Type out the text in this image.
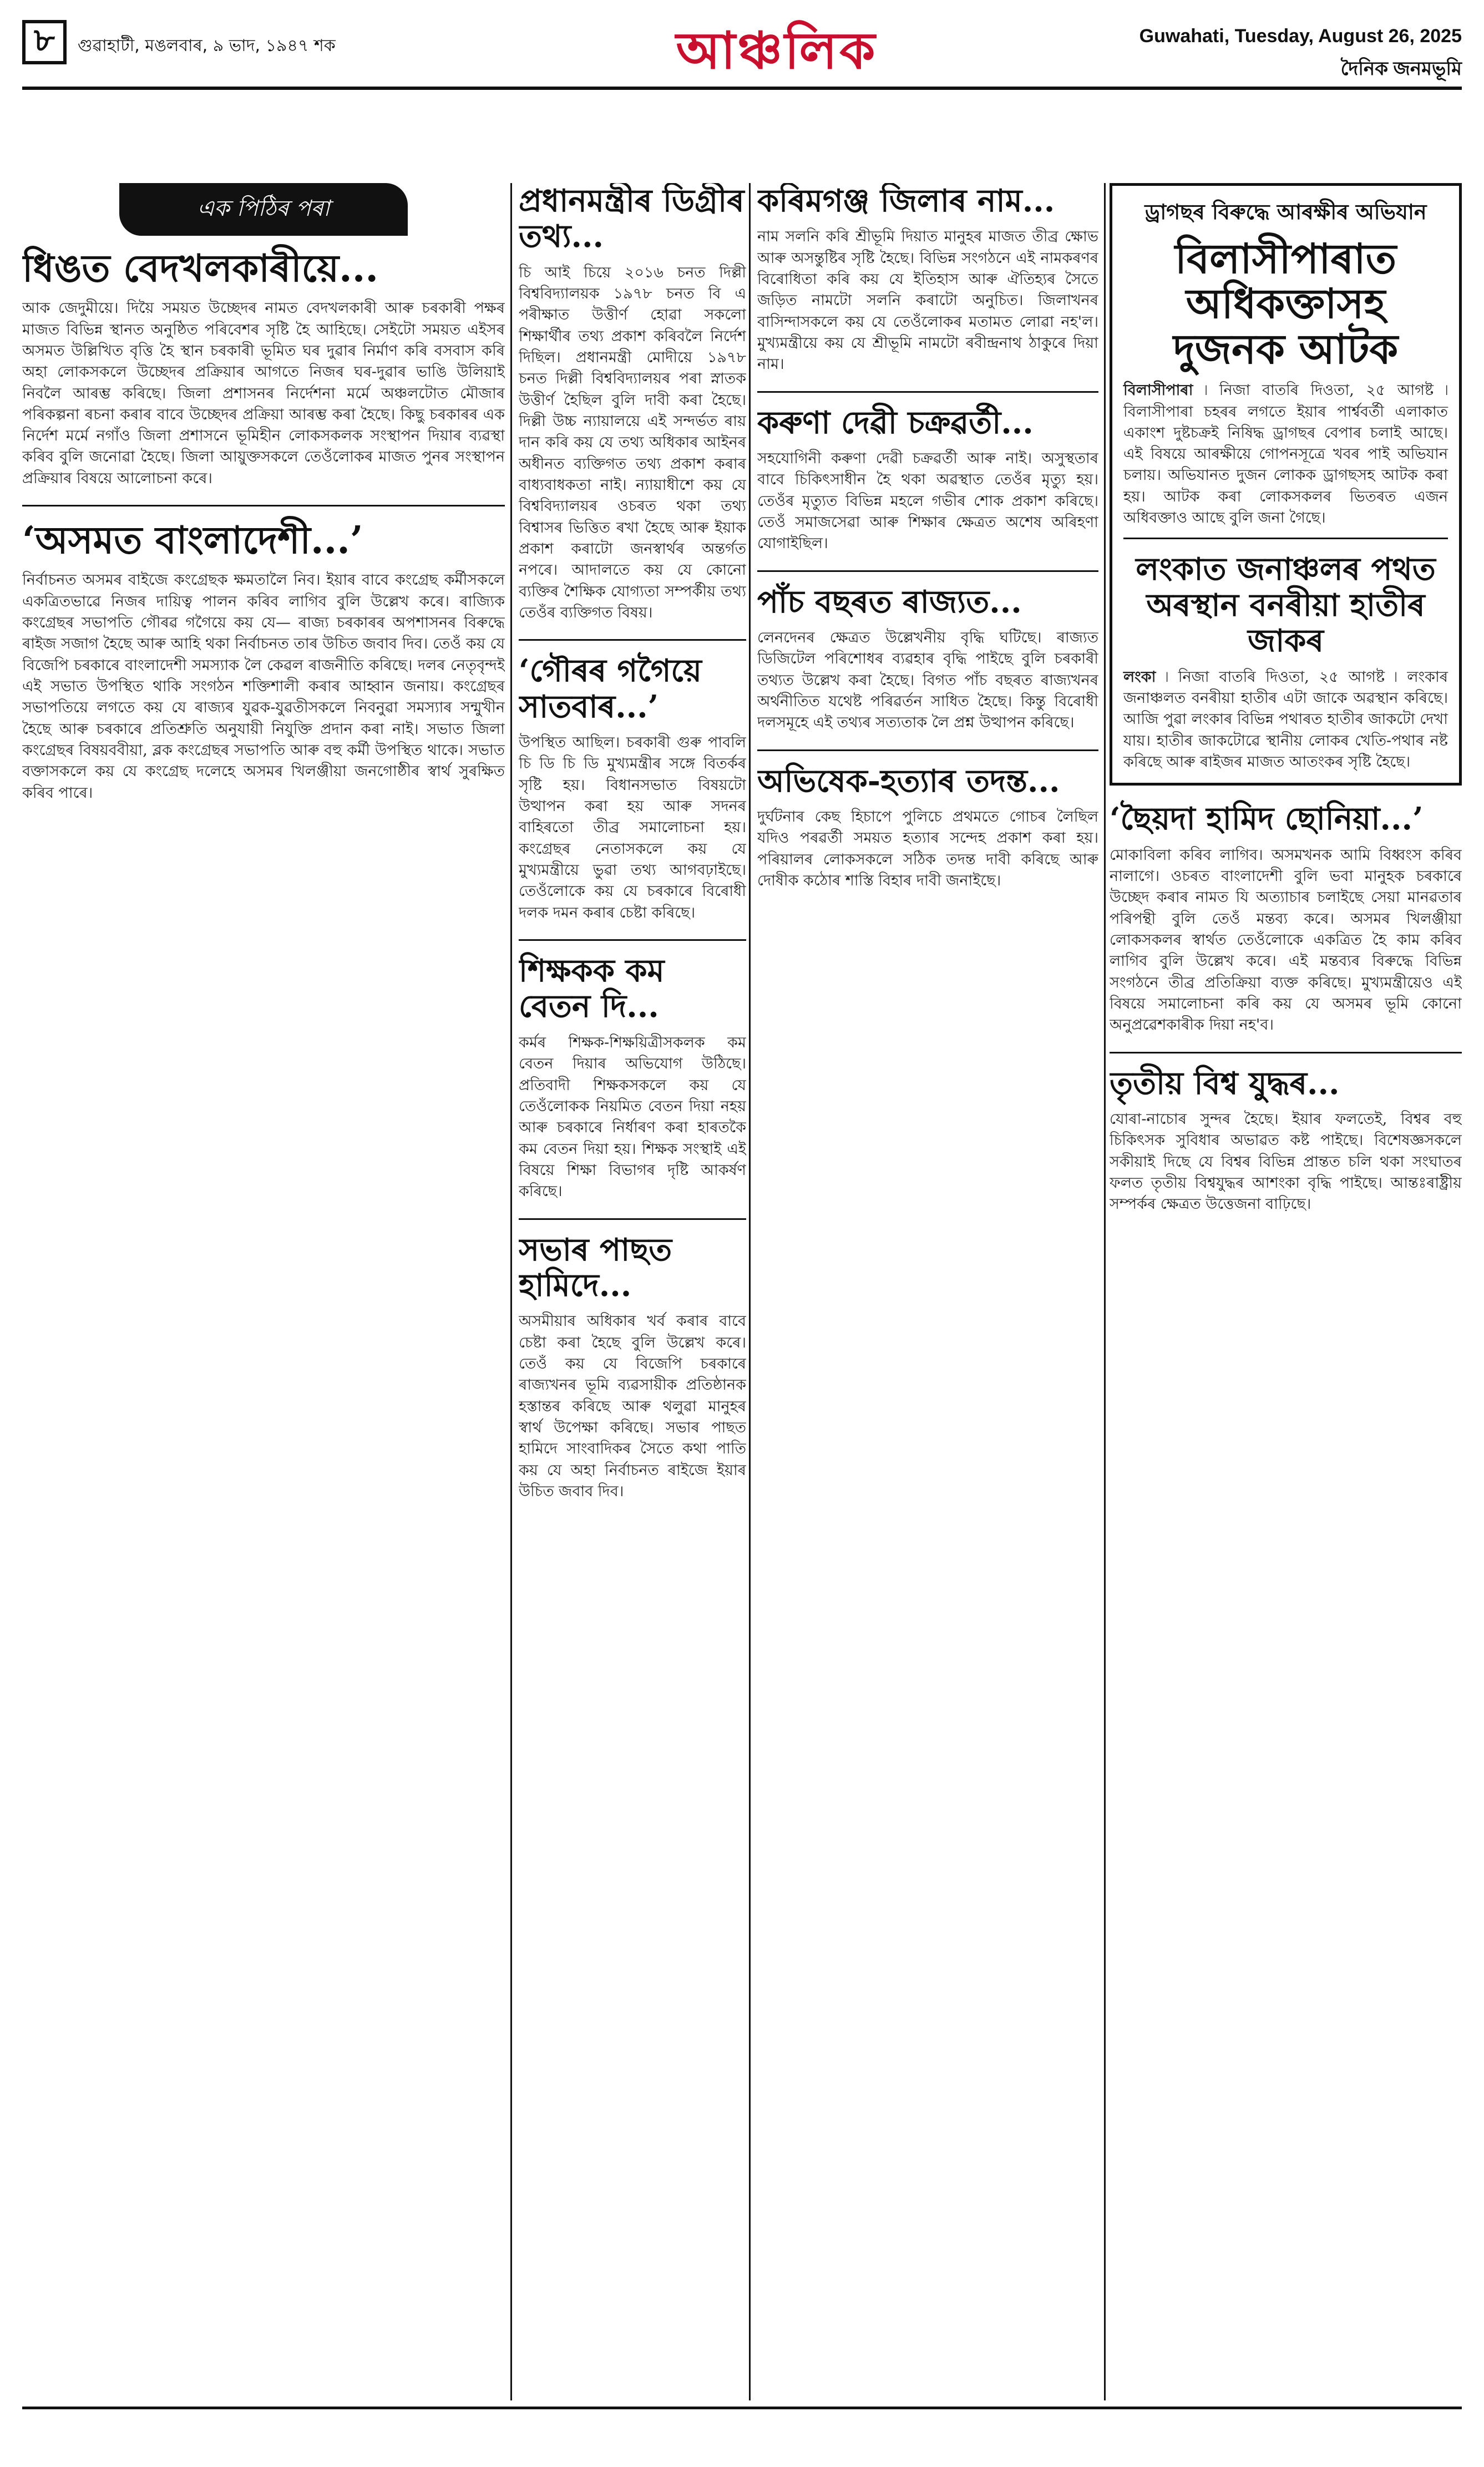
৮	গুৱাহাটী, মঙলবাৰ, ৯ ভাদ, ১৯৪৭ শক	আঞ্চলিক	Guwahati, Tuesday, August 26, 2025
দৈনিক জনমভূমি
এক পিঠিৰ পৰা
ধিঙত বেদখলকাৰীয়ে...
আক জেদুমীয়ে। দিয়ৈ সময়ত উচ্ছেদৰ নামত বেদখলকাৰী আৰু চৰকাৰী পক্ষৰ মাজত বিভিন্ন স্থানত অনুষ্ঠিত পৰিবেশৰ সৃষ্টি হৈ আহিছে। সেইটো সময়ত এইসৰ অসমত উল্লিখিত বৃত্তি হৈ স্থান চৰকাৰী ভূমিত ঘৰ দুৱাৰ নিৰ্মাণ কৰি বসবাস কৰি অহা লোকসকলে উচ্ছেদৰ প্ৰক্ৰিয়াৰ আগতে নিজৰ ঘৰ-দুৱাৰ ভাঙি উলিয়াই নিবলৈ আৰম্ভ কৰিছে। জিলা প্ৰশাসনৰ নিৰ্দেশনা মৰ্মে অঞ্চলটোত মৌজাৰ পৰিকল্পনা ৰচনা কৰাৰ বাবে উচ্ছেদৰ প্ৰক্ৰিয়া আৰম্ভ কৰা হৈছে। কিছু চৰকাৰৰ এক নিৰ্দেশ মৰ্মে নগাঁও জিলা প্ৰশাসনে ভূমিহীন লোকসকলক সংস্থাপন দিয়াৰ ব্যৱস্থা কৰিব বুলি জনোৱা হৈছে। জিলা আয়ুক্তসকলে তেওঁলোকৰ মাজত পুনৰ সংস্থাপন প্ৰক্ৰিয়াৰ বিষয়ে আলোচনা কৰে।
‘অসমত বাংলাদেশী...’
নিৰ্বাচনত অসমৰ বাইজে কংগ্ৰেছক ক্ষমতালৈ নিব। ইয়াৰ বাবে কংগ্ৰেছ কৰ্মীসকলে একত্ৰিতভাৱে নিজৰ দায়িত্ব পালন কৰিব লাগিব বুলি উল্লেখ কৰে। ৰাজ্যিক কংগ্ৰেছৰ সভাপতি গৌৰৱ গগৈয়ে কয় যে— ৰাজ্য চৰকাৰৰ অপশাসনৰ বিৰুদ্ধে ৰাইজ সজাগ হৈছে আৰু আহি থকা নিৰ্বাচনত তাৰ উচিত জবাব দিব। তেওঁ কয় যে বিজেপি চৰকাৰে বাংলাদেশী সমস্যাক লৈ কেৱল ৰাজনীতি কৰিছে। দলৰ নেতৃবৃন্দই এই সভাত উপস্থিত থাকি সংগঠন শক্তিশালী কৰাৰ আহ্বান জনায়। কংগ্ৰেছৰ সভাপতিয়ে লগতে কয় যে ৰাজ্যৰ যুৱক-যুৱতীসকলে নিবনুৱা সমস্যাৰ সন্মুখীন হৈছে আৰু চৰকাৰে প্ৰতিশ্ৰুতি অনুযায়ী নিযুক্তি প্ৰদান কৰা নাই। সভাত জিলা কংগ্ৰেছৰ বিষয়ববীয়া, ব্লক কংগ্ৰেছৰ সভাপতি আৰু বহু কৰ্মী উপস্থিত থাকে। সভাত বক্তাসকলে কয় যে কংগ্ৰেছ দলেহে অসমৰ খিলঞ্জীয়া জনগোষ্ঠীৰ স্বাৰ্থ সুৰক্ষিত কৰিব পাৰে।
প্ৰধানমন্ত্ৰীৰ ডিগ্ৰীৰ তথ্য...
চি আই চিয়ে ২০১৬ চনত দিল্লী বিশ্ববিদ্যালয়ক ১৯৭৮ চনত বি এ পৰীক্ষাত উত্তীৰ্ণ হোৱা সকলো শিক্ষাৰ্থীৰ তথ্য প্ৰকাশ কৰিবলৈ নিৰ্দেশ দিছিল। প্ৰধানমন্ত্ৰী মোদীয়ে ১৯৭৮ চনত দিল্লী বিশ্ববিদ্যালয়ৰ পৰা স্নাতক উত্তীৰ্ণ হৈছিল বুলি দাবী কৰা হৈছে। দিল্লী উচ্চ ন্যায়ালয়ে এই সন্দৰ্ভত ৰায় দান কৰি কয় যে তথ্য অধিকাৰ আইনৰ অধীনত ব্যক্তিগত তথ্য প্ৰকাশ কৰাৰ বাধ্যবাধকতা নাই। ন্যায়াধীশে কয় যে বিশ্ববিদ্যালয়ৰ ওচৰত থকা তথ্য বিশ্বাসৰ ভিত্তিত ৰখা হৈছে আৰু ইয়াক প্ৰকাশ কৰাটো জনস্বাৰ্থৰ অন্তৰ্গত নপৰে। আদালতে কয় যে কোনো ব্যক্তিৰ শৈক্ষিক যোগ্যতা সম্পৰ্কীয় তথ্য তেওঁৰ ব্যক্তিগত বিষয়।
‘গৌৰৰ গগৈয়ে সাতবাৰ...’
উপস্থিত আছিল। চৰকাৰী গুৰু পাবলি চি ডি চি ডি মুখ্যমন্ত্ৰীৰ সঙ্গে বিতৰ্কৰ সৃষ্টি হয়। বিধানসভাত বিষয়টো উত্থাপন কৰা হয় আৰু সদনৰ বাহিৰতো তীব্ৰ সমালোচনা হয়। কংগ্ৰেছৰ নেতাসকলে কয় যে মুখ্যমন্ত্ৰীয়ে ভুৱা তথ্য আগবঢ়াইছে। তেওঁলোকে কয় যে চৰকাৰে বিৰোধী দলক দমন কৰাৰ চেষ্টা কৰিছে।
শিক্ষকক কম বেতন দি...
কৰ্মৰ শিক্ষক-শিক্ষয়িত্ৰীসকলক কম বেতন দিয়াৰ অভিযোগ উঠিছে। প্ৰতিবাদী শিক্ষকসকলে কয় যে তেওঁলোকক নিয়মিত বেতন দিয়া নহয় আৰু চৰকাৰে নিৰ্ধাৰণ কৰা হাৰতকৈ কম বেতন দিয়া হয়। শিক্ষক সংস্থাই এই বিষয়ে শিক্ষা বিভাগৰ দৃষ্টি আকৰ্ষণ কৰিছে।
সভাৰ পাছত হামিদে...
অসমীয়াৰ অধিকাৰ খৰ্ব কৰাৰ বাবে চেষ্টা কৰা হৈছে বুলি উল্লেখ কৰে। তেওঁ কয় যে বিজেপি চৰকাৰে ৰাজ্যখনৰ ভূমি ব্যৱসায়ীক প্ৰতিষ্ঠানক হস্তান্তৰ কৰিছে আৰু থলুৱা মানুহৰ স্বাৰ্থ উপেক্ষা কৰিছে। সভাৰ পাছত হামিদে সাংবাদিকৰ সৈতে কথা পাতি কয় যে অহা নিৰ্বাচনত ৰাইজে ইয়াৰ উচিত জবাব দিব।
কৰিমগঞ্জ জিলাৰ নাম...
নাম সলনি কৰি শ্ৰীভূমি দিয়াত মানুহৰ মাজত তীব্ৰ ক্ষোভ আৰু অসন্তুষ্টিৰ সৃষ্টি হৈছে। বিভিন্ন সংগঠনে এই নামকৰণৰ বিৰোধিতা কৰি কয় যে ইতিহাস আৰু ঐতিহ্যৰ সৈতে জড়িত নামটো সলনি কৰাটো অনুচিত। জিলাখনৰ বাসিন্দাসকলে কয় যে তেওঁলোকৰ মতামত লোৱা নহ'ল। মুখ্যমন্ত্ৰীয়ে কয় যে শ্ৰীভূমি নামটো ৰবীন্দ্ৰনাথ ঠাকুৰে দিয়া নাম।
কৰুণা দেৱী চক্ৰৱৰ্তী...
সহযোগিনী কৰুণা দেৱী চক্ৰৱৰ্তী আৰু নাই। অসুস্থতাৰ বাবে চিকিৎসাধীন হৈ থকা অৱস্থাত তেওঁৰ মৃত্যু হয়। তেওঁৰ মৃত্যুত বিভিন্ন মহলে গভীৰ শোক প্ৰকাশ কৰিছে। তেওঁ সমাজসেৱা আৰু শিক্ষাৰ ক্ষেত্ৰত অশেষ অৰিহণা যোগাইছিল।
পাঁচ বছৰত ৰাজ্যত...
লেনদেনৰ ক্ষেত্ৰত উল্লেখনীয় বৃদ্ধি ঘটিছে। ৰাজ্যত ডিজিটেল পৰিশোধৰ ব্যৱহাৰ বৃদ্ধি পাইছে বুলি চৰকাৰী তথ্যত উল্লেখ কৰা হৈছে। বিগত পাঁচ বছৰত ৰাজ্যখনৰ অৰ্থনীতিত যথেষ্ট পৰিৱৰ্তন সাধিত হৈছে। কিন্তু বিৰোধী দলসমূহে এই তথ্যৰ সত্যতাক লৈ প্ৰশ্ন উত্থাপন কৰিছে।
অভিষেক-হত্যাৰ তদন্ত...
দুৰ্ঘটনাৰ কেছ হিচাপে পুলিচে প্ৰথমতে গোচৰ লৈছিল যদিও পৰৱৰ্তী সময়ত হত্যাৰ সন্দেহ প্ৰকাশ কৰা হয়। পৰিয়ালৰ লোকসকলে সঠিক তদন্ত দাবী কৰিছে আৰু দোষীক কঠোৰ শাস্তি বিহাৰ দাবী জনাইছে।
ড্ৰাগছৰ বিৰুদ্ধে আৰক্ষীৰ অভিযান
বিলাসীপাৰাত অধিকক্তাসহ দুজনক আটক
বিলাসীপাৰা ৷ নিজা বাতৰি দিওতা, ২৫ আগষ্ট ৷ বিলাসীপাৰা চহৰৰ লগতে ইয়াৰ পাৰ্শ্ববৰ্তী এলাকাত একাংশ দুষ্টচক্ৰই নিষিদ্ধ ড্ৰাগছৰ বেপাৰ চলাই আছে। এই বিষয়ে আৰক্ষীয়ে গোপনসূত্ৰে খবৰ পাই অভিযান চলায়। অভিযানত দুজন লোকক ড্ৰাগছসহ আটক কৰা হয়। আটক কৰা লোকসকলৰ ভিতৰত এজন অধিবক্তাও আছে বুলি জনা গৈছে।
লংকাত জনাঞ্চলৰ পথত অৰস্থান বনৰীয়া হাতীৰ জাকৰ
লংকা ৷ নিজা বাতৰি দিওতা, ২৫ আগষ্ট ৷ লংকাৰ জনাঞ্চলত বনৰীয়া হাতীৰ এটা জাকে অৱস্থান কৰিছে। আজি পুৱা লংকাৰ বিভিন্ন পথাৰত হাতীৰ জাকটো দেখা যায়। হাতীৰ জাকটোৱে স্থানীয় লোকৰ খেতি-পথাৰ নষ্ট কৰিছে আৰু ৰাইজৰ মাজত আতংকৰ সৃষ্টি হৈছে।
‘ছৈয়দা হামিদ ছোনিয়া...’
মোকাবিলা কৰিব লাগিব। অসমখনক আমি বিধ্বংস কৰিব নালাগে। ওচৰত বাংলাদেশী বুলি ভবা মানুহক চৰকাৰে উচ্ছেদ কৰাৰ নামত যি অত্যাচাৰ চলাইছে সেয়া মানৱতাৰ পৰিপন্থী বুলি তেওঁ মন্তব্য কৰে। অসমৰ খিলঞ্জীয়া লোকসকলৰ স্বাৰ্থত তেওঁলোকে একত্ৰিত হৈ কাম কৰিব লাগিব বুলি উল্লেখ কৰে। এই মন্তব্যৰ বিৰুদ্ধে বিভিন্ন সংগঠনে তীব্ৰ প্ৰতিক্ৰিয়া ব্যক্ত কৰিছে। মুখ্যমন্ত্ৰীয়েও এই বিষয়ে সমালোচনা কৰি কয় যে অসমৰ ভূমি কোনো অনুপ্ৰৱেশকাৰীক দিয়া নহ'ব।
তৃতীয় বিশ্ব যুদ্ধৰ...
যোৰা-নাচোৰ সুন্দৰ হৈছে। ইয়াৰ ফলতেই, বিশ্বৰ বহু চিকিৎসক সুবিধাৰ অভাৱত কষ্ট পাইছে। বিশেষজ্ঞসকলে সকীয়াই দিছে যে বিশ্বৰ বিভিন্ন প্ৰান্তত চলি থকা সংঘাতৰ ফলত তৃতীয় বিশ্বযুদ্ধৰ আশংকা বৃদ্ধি পাইছে। আন্তঃৰাষ্ট্ৰীয় সম্পৰ্কৰ ক্ষেত্ৰত উত্তেজনা বাঢ়িছে।
